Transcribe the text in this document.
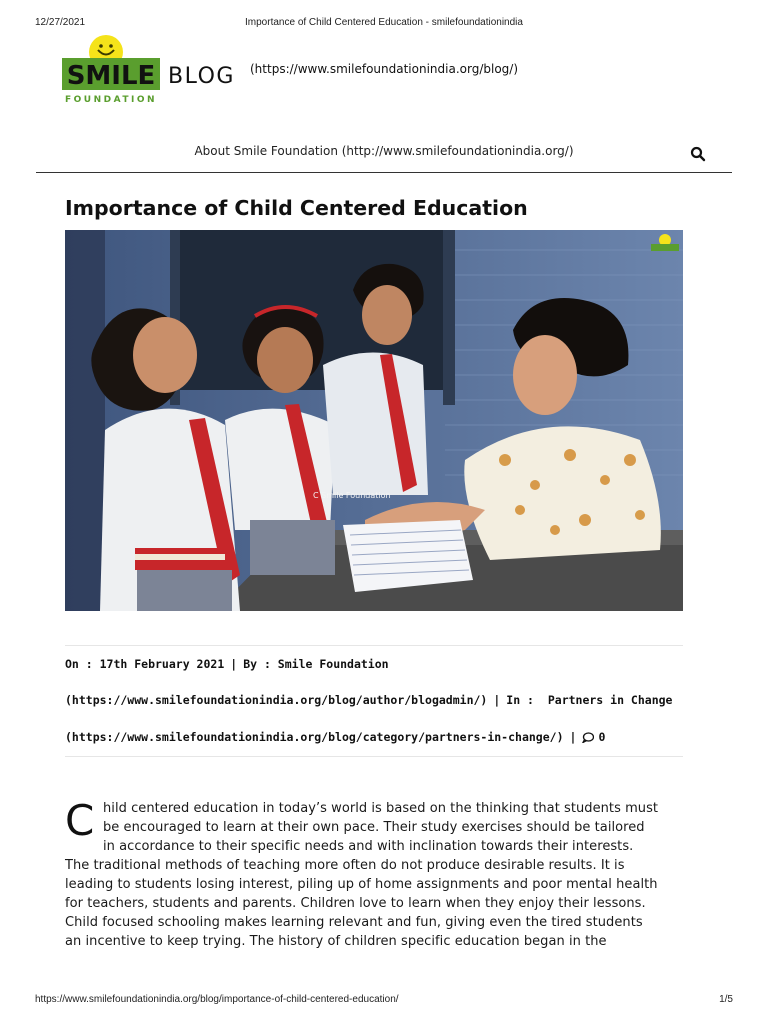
12/27/2021	Importance of Child Centered Education - smilefoundationindia
SMILE
FOUNDATION
BLOG (https://www.smilefoundationindia.org/blog/)
About Smile Foundation (http://www.smilefoundationindia.org/)
Importance of Child Centered Education
C Smile Foundation
On : 17th February 2021 | By : Smile Foundation
(https://www.smilefoundationindia.org/blog/author/blogadmin/) | In : Partners in Change
(https://www.smilefoundationindia.org/blog/category/partners-in-change/) | 0
C hild centered education in today’s world is based on the thinking that students must
be encouraged to learn at their own pace. Their study exercises should be tailored
in accordance to their specific needs and with inclination towards their interests.
The traditional methods of teaching more often do not produce desirable results. It is
leading to students losing interest, piling up of home assignments and poor mental health
for teachers, students and parents. Children love to learn when they enjoy their lessons.
Child focused schooling makes learning relevant and fun, giving even the tired students
an incentive to keep trying. The history of children specific education began in the
https://www.smilefoundationindia.org/blog/importance-of-child-centered-education/	1/5
